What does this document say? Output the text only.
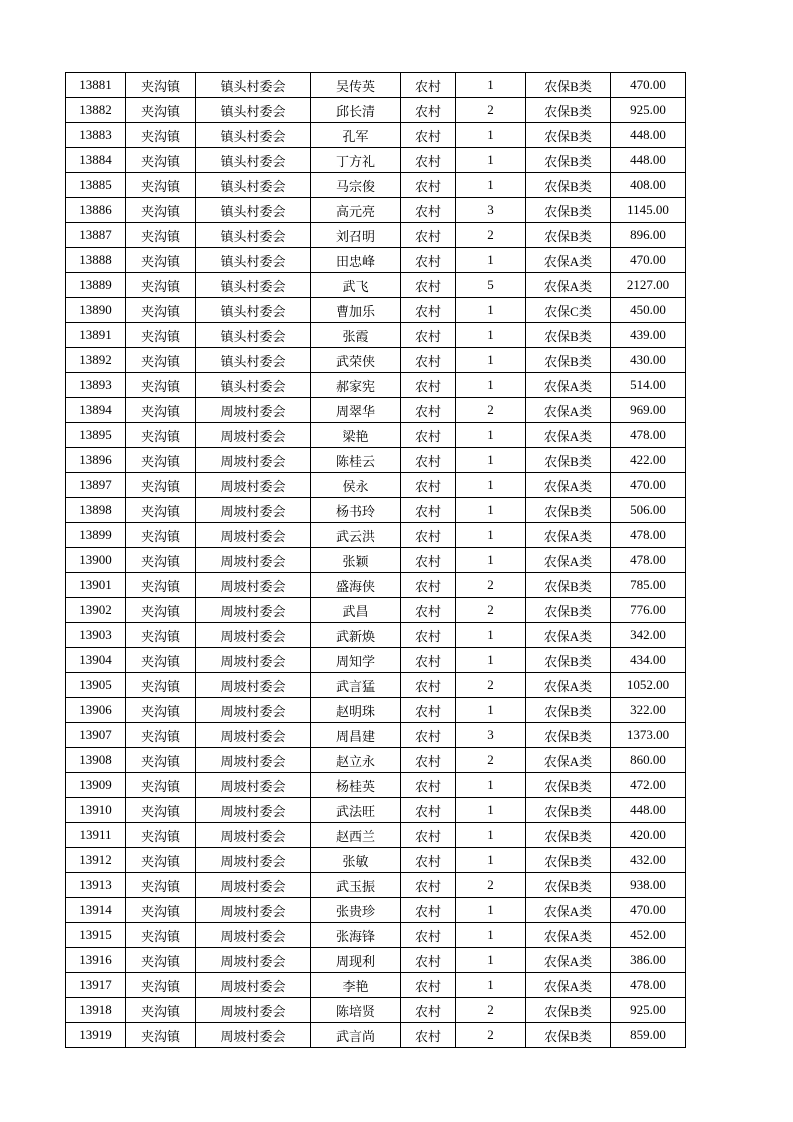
13881	夹沟镇	镇头村委会	吴传英	农村	1	农保B类	470.00
13882	夹沟镇	镇头村委会	邱长清	农村	2	农保B类	925.00
13883	夹沟镇	镇头村委会	孔军	农村	1	农保B类	448.00
13884	夹沟镇	镇头村委会	丁方礼	农村	1	农保B类	448.00
13885	夹沟镇	镇头村委会	马宗俊	农村	1	农保B类	408.00
13886	夹沟镇	镇头村委会	高元亮	农村	3	农保B类	1145.00
13887	夹沟镇	镇头村委会	刘召明	农村	2	农保B类	896.00
13888	夹沟镇	镇头村委会	田忠峰	农村	1	农保A类	470.00
13889	夹沟镇	镇头村委会	武飞	农村	5	农保A类	2127.00
13890	夹沟镇	镇头村委会	曹加乐	农村	1	农保C类	450.00
13891	夹沟镇	镇头村委会	张霞	农村	1	农保B类	439.00
13892	夹沟镇	镇头村委会	武荣侠	农村	1	农保B类	430.00
13893	夹沟镇	镇头村委会	郝家宪	农村	1	农保A类	514.00
13894	夹沟镇	周坡村委会	周翠华	农村	2	农保A类	969.00
13895	夹沟镇	周坡村委会	梁艳	农村	1	农保A类	478.00
13896	夹沟镇	周坡村委会	陈桂云	农村	1	农保B类	422.00
13897	夹沟镇	周坡村委会	侯永	农村	1	农保A类	470.00
13898	夹沟镇	周坡村委会	杨书玲	农村	1	农保B类	506.00
13899	夹沟镇	周坡村委会	武云洪	农村	1	农保A类	478.00
13900	夹沟镇	周坡村委会	张颖	农村	1	农保A类	478.00
13901	夹沟镇	周坡村委会	盛海侠	农村	2	农保B类	785.00
13902	夹沟镇	周坡村委会	武昌	农村	2	农保B类	776.00
13903	夹沟镇	周坡村委会	武新焕	农村	1	农保A类	342.00
13904	夹沟镇	周坡村委会	周知学	农村	1	农保B类	434.00
13905	夹沟镇	周坡村委会	武言猛	农村	2	农保A类	1052.00
13906	夹沟镇	周坡村委会	赵明珠	农村	1	农保B类	322.00
13907	夹沟镇	周坡村委会	周昌建	农村	3	农保B类	1373.00
13908	夹沟镇	周坡村委会	赵立永	农村	2	农保A类	860.00
13909	夹沟镇	周坡村委会	杨桂英	农村	1	农保B类	472.00
13910	夹沟镇	周坡村委会	武法旺	农村	1	农保B类	448.00
13911	夹沟镇	周坡村委会	赵西兰	农村	1	农保B类	420.00
13912	夹沟镇	周坡村委会	张敏	农村	1	农保B类	432.00
13913	夹沟镇	周坡村委会	武玉振	农村	2	农保B类	938.00
13914	夹沟镇	周坡村委会	张贵珍	农村	1	农保A类	470.00
13915	夹沟镇	周坡村委会	张海锋	农村	1	农保A类	452.00
13916	夹沟镇	周坡村委会	周现利	农村	1	农保A类	386.00
13917	夹沟镇	周坡村委会	李艳	农村	1	农保A类	478.00
13918	夹沟镇	周坡村委会	陈培贤	农村	2	农保B类	925.00
13919	夹沟镇	周坡村委会	武言尚	农村	2	农保B类	859.00
